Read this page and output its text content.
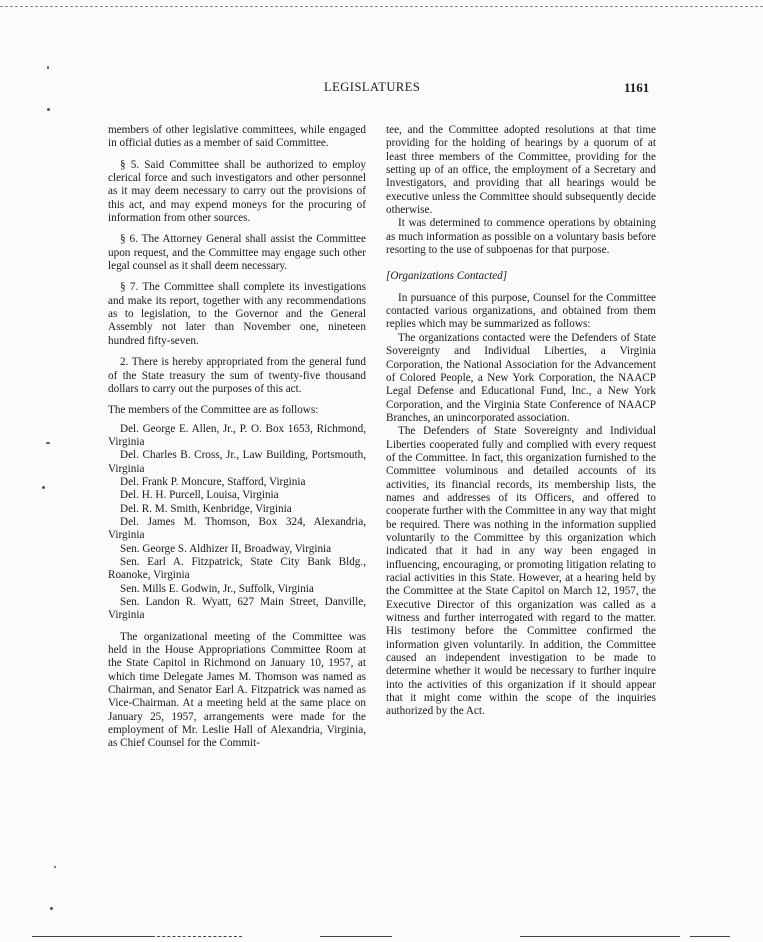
LEGISLATURES	1161

members of other legislative committees, while engaged in official duties as a member of said Committee.

§ 5. Said Committee shall be authorized to employ clerical force and such investigators and other personnel as it may deem necessary to carry out the provisions of this act, and may expend moneys for the procuring of information from other sources.

§ 6. The Attorney General shall assist the Committee upon request, and the Committee may engage such other legal counsel as it shall deem necessary.

§ 7. The Committee shall complete its investigations and make its report, together with any recommendations as to legislation, to the Governor and the General Assembly not later than November one, nineteen hundred fifty-seven.

2. There is hereby appropriated from the general fund of the State treasury the sum of twenty-five thousand dollars to carry out the purposes of this act.

The members of the Committee are as follows:

Del. George E. Allen, Jr., P. O. Box 1653, Richmond, Virginia

Del. Charles B. Cross, Jr., Law Building, Portsmouth, Virginia

Del. Frank P. Moncure, Stafford, Virginia

Del. H. H. Purcell, Louisa, Virginia

Del. R. M. Smith, Kenbridge, Virginia

Del. James M. Thomson, Box 324, Alexandria, Virginia

Sen. George S. Aldhizer II, Broadway, Virginia

Sen. Earl A. Fitzpatrick, State City Bank Bldg., Roanoke, Virginia

Sen. Mills E. Godwin, Jr., Suffolk, Virginia

Sen. Landon R. Wyatt, 627 Main Street, Danville, Virginia

The organizational meeting of the Committee was held in the House Appropriations Committee Room at the State Capitol in Richmond on January 10, 1957, at which time Delegate James M. Thomson was named as Chairman, and Senator Earl A. Fitzpatrick was named as Vice-Chairman. At a meeting held at the same place on January 25, 1957, arrangements were made for the employment of Mr. Leslie Hall of Alexandria, Virginia, as Chief Counsel for the Commit-

tee, and the Committee adopted resolutions at that time providing for the holding of hearings by a quorum of at least three members of the Committee, providing for the setting up of an office, the employment of a Secretary and Investigators, and providing that all hearings would be executive unless the Committee should subsequently decide otherwise.

It was determined to commence operations by obtaining as much information as possible on a voluntary basis before resorting to the use of subpoenas for that purpose.

[Organizations Contacted]

In pursuance of this purpose, Counsel for the Committee contacted various organizations, and obtained from them replies which may be summarized as follows:

The organizations contacted were the Defenders of State Sovereignty and Individual Liberties, a Virginia Corporation, the National Association for the Advancement of Colored People, a New York Corporation, the NAACP Legal Defense and Educational Fund, Inc., a New York Corporation, and the Virginia State Conference of NAACP Branches, an unincorporated association.

The Defenders of State Sovereignty and Individual Liberties cooperated fully and complied with every request of the Committee. In fact, this organization furnished to the Committee voluminous and detailed accounts of its activities, its financial records, its membership lists, the names and addresses of its Officers, and offered to cooperate further with the Committee in any way that might be required. There was nothing in the information supplied voluntarily to the Committee by this organization which indicated that it had in any way been engaged in influencing, encouraging, or promoting litigation relating to racial activities in this State. However, at a hearing held by the Committee at the State Capitol on March 12, 1957, the Executive Director of this organization was called as a witness and further interrogated with regard to the matter. His testimony before the Committee confirmed the information given voluntarily. In addition, the Committee caused an independent investigation to be made to determine whether it would be necessary to further inquire into the activities of this organization if it should appear that it might come within the scope of the inquiries authorized by the Act.
